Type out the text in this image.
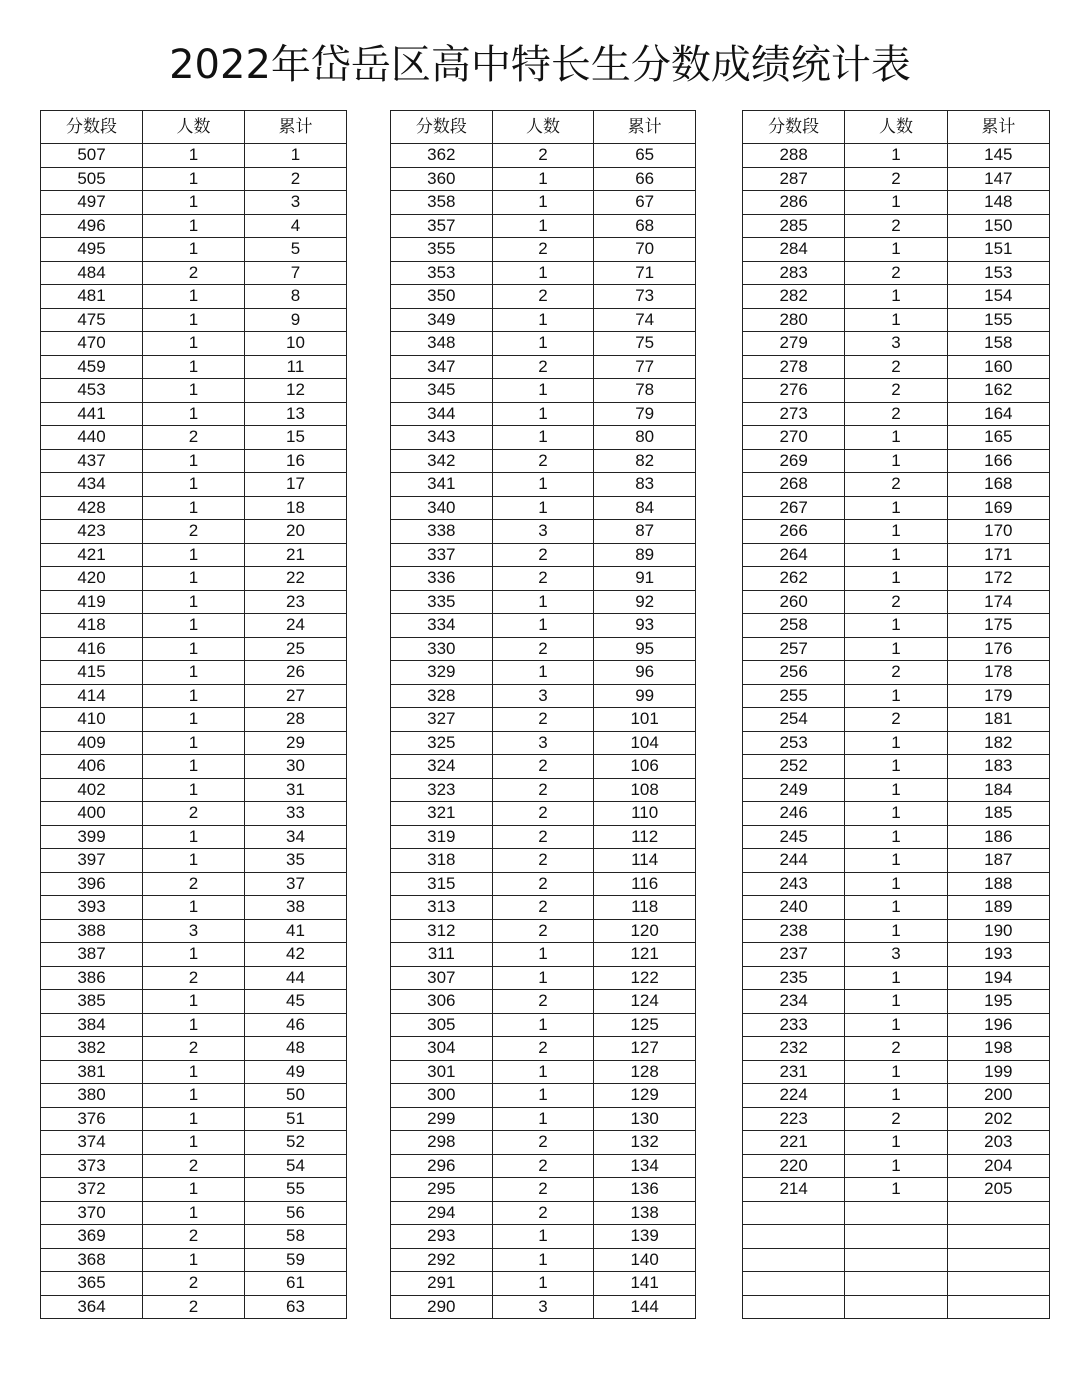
2022年岱岳区高中特长生分数成绩统计表
分数段	人数	累计
507	1	1
505	1	2
497	1	3
496	1	4
495	1	5
484	2	7
481	1	8
475	1	9
470	1	10
459	1	11
453	1	12
441	1	13
440	2	15
437	1	16
434	1	17
428	1	18
423	2	20
421	1	21
420	1	22
419	1	23
418	1	24
416	1	25
415	1	26
414	1	27
410	1	28
409	1	29
406	1	30
402	1	31
400	2	33
399	1	34
397	1	35
396	2	37
393	1	38
388	3	41
387	1	42
386	2	44
385	1	45
384	1	46
382	2	48
381	1	49
380	1	50
376	1	51
374	1	52
373	2	54
372	1	55
370	1	56
369	2	58
368	1	59
365	2	61
364	2	63
分数段	人数	累计
362	2	65
360	1	66
358	1	67
357	1	68
355	2	70
353	1	71
350	2	73
349	1	74
348	1	75
347	2	77
345	1	78
344	1	79
343	1	80
342	2	82
341	1	83
340	1	84
338	3	87
337	2	89
336	2	91
335	1	92
334	1	93
330	2	95
329	1	96
328	3	99
327	2	101
325	3	104
324	2	106
323	2	108
321	2	110
319	2	112
318	2	114
315	2	116
313	2	118
312	2	120
311	1	121
307	1	122
306	2	124
305	1	125
304	2	127
301	1	128
300	1	129
299	1	130
298	2	132
296	2	134
295	2	136
294	2	138
293	1	139
292	1	140
291	1	141
290	3	144
分数段	人数	累计
288	1	145
287	2	147
286	1	148
285	2	150
284	1	151
283	2	153
282	1	154
280	1	155
279	3	158
278	2	160
276	2	162
273	2	164
270	1	165
269	1	166
268	2	168
267	1	169
266	1	170
264	1	171
262	1	172
260	2	174
258	1	175
257	1	176
256	2	178
255	1	179
254	2	181
253	1	182
252	1	183
249	1	184
246	1	185
245	1	186
244	1	187
243	1	188
240	1	189
238	1	190
237	3	193
235	1	194
234	1	195
233	1	196
232	2	198
231	1	199
224	1	200
223	2	202
221	1	203
220	1	204
214	1	205
